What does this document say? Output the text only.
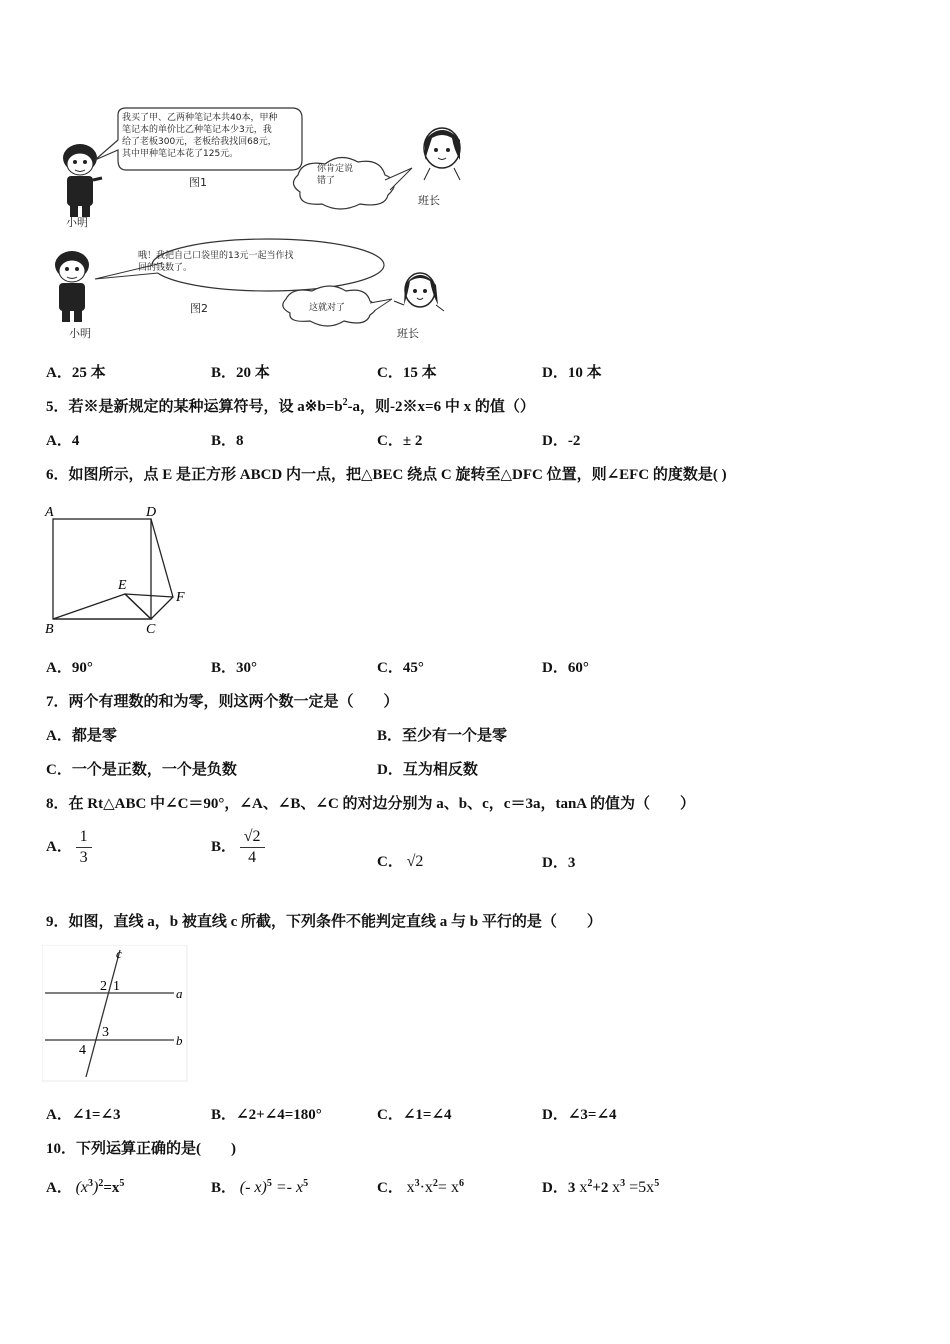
我买了甲、乙两种笔记本共40本，甲种
笔记本的单价比乙种笔记本少3元，我
给了老板300元，老板给我找回68元，
其中甲种笔记本花了125元。
你肯定说
错了
图1
小明
班长
哦！我把自己口袋里的13元一起当作找
回的钱数了。
这就对了
图2
小明	班长
A．25 本	B．20 本	C．15 本	D．10 本
5．若※是新规定的某种运算符号，设 $a※b=b^2-a$，则-2※x=6 中 x 的值（）
A．4	B．8	C．± 2	D．-2
6．如图所示，点 E 是正方形 ABCD 内一点，把△BEC 绕点 C 旋转至△DFC 位置，则∠EFC 的度数是( )
A	D
E
F
B	C
A．90°	B．30°	C．45°	D．60°
7．两个有理数的和为零，则这两个数一定是（　　）
A．都是零	B．至少有一个是零
C．一个是正数，一个是负数	D．互为相反数
8．在 Rt△ABC 中∠C＝90°，∠A、∠B、∠C 的对边分别为 a、b、c，c＝3a，tanA 的值为（　　）
A． $\frac{1}{3}$	B． $\frac{√2}{4}$	C． √2	D．3
9．如图，直线 a，b 被直线 c 所截，下列条件不能判定直线 a 与 b 平行的是（　　）
c
2 1	a
3
b
4
A．∠1=∠3	B．∠2+∠4=180°	C．∠1=∠4	D．∠3=∠4
10．下列运算正确的是(　　)
A． $(x^3)^2=x^5$	B． (- $x)^5 =- x^5$	C． $x^3\cdot x^2= x^6$	D．3 $x^2+2$ $x^3 =5x^5$
